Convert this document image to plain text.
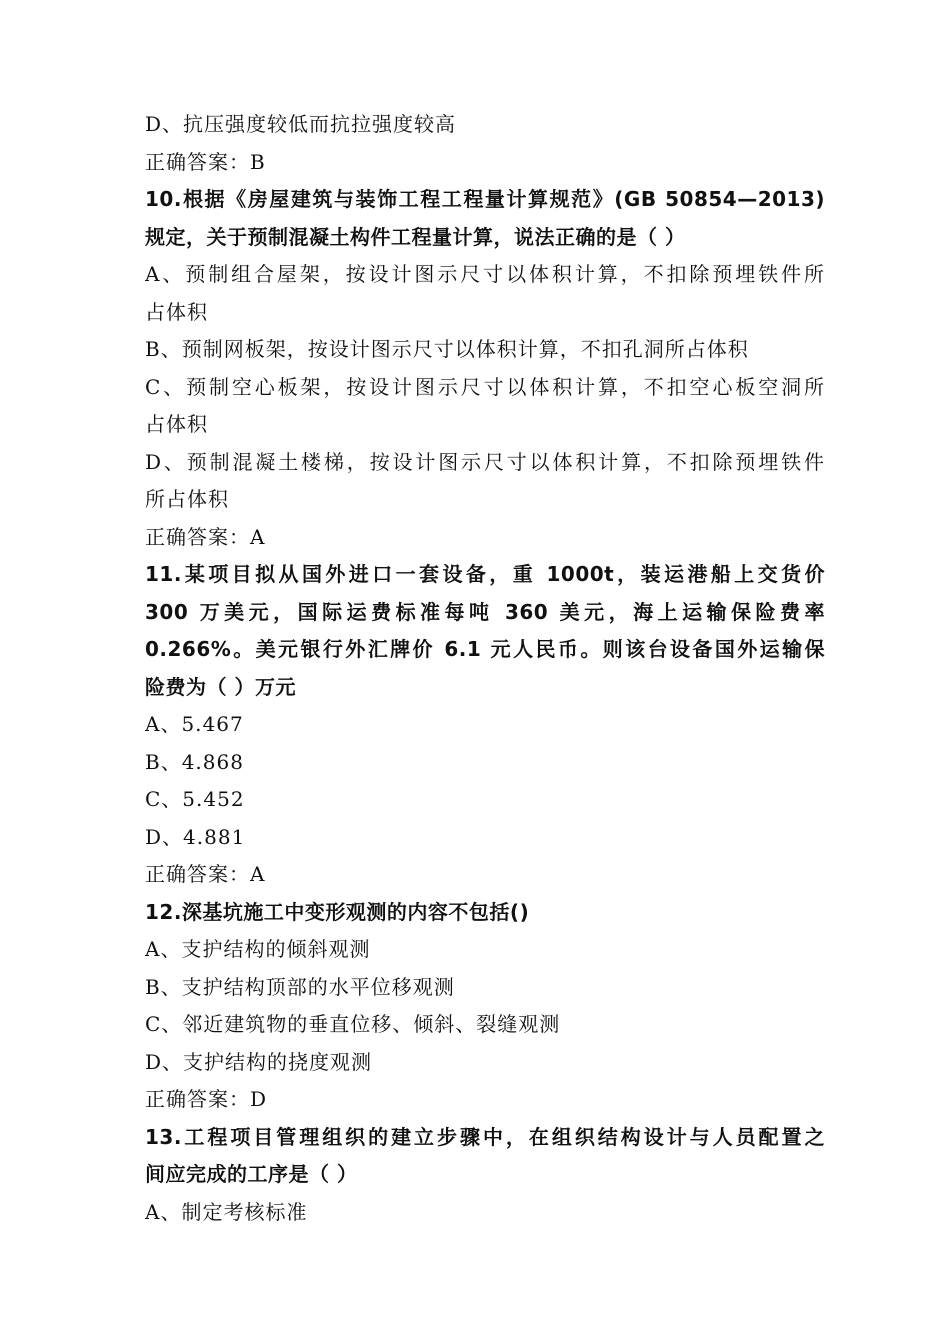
D、抗压强度较低而抗拉强度较高
正确答案：B
10.根据《房屋建筑与装饰工程工程量计算规范》(GB 50854—2013)
规定，关于预制混凝土构件工程量计算，说法正确的是（ ）
A、预制组合屋架，按设计图示尺寸以体积计算，不扣除预埋铁件所
占体积
B、预制网板架，按设计图示尺寸以体积计算，不扣孔洞所占体积
C、预制空心板架，按设计图示尺寸以体积计算，不扣空心板空洞所
占体积
D、预制混凝土楼梯，按设计图示尺寸以体积计算，不扣除预埋铁件
所占体积
正确答案：A
11.某项目拟从国外进口一套设备，重 1000t，装运港船上交货价
300 万美元，国际运费标准每吨 360 美元，海上运输保险费率
0.266%。美元银行外汇牌价 6.1 元人民币。则该台设备国外运输保
险费为（ ）万元
A、5.467
B、4.868
C、5.452
D、4.881
正确答案：A
12.深基坑施工中变形观测的内容不包括()
A、支护结构的倾斜观测
B、支护结构顶部的水平位移观测
C、邻近建筑物的垂直位移、倾斜、裂缝观测
D、支护结构的挠度观测
正确答案：D
13.工程项目管理组织的建立步骤中，在组织结构设计与人员配置之
间应完成的工序是（ ）
A、制定考核标准
